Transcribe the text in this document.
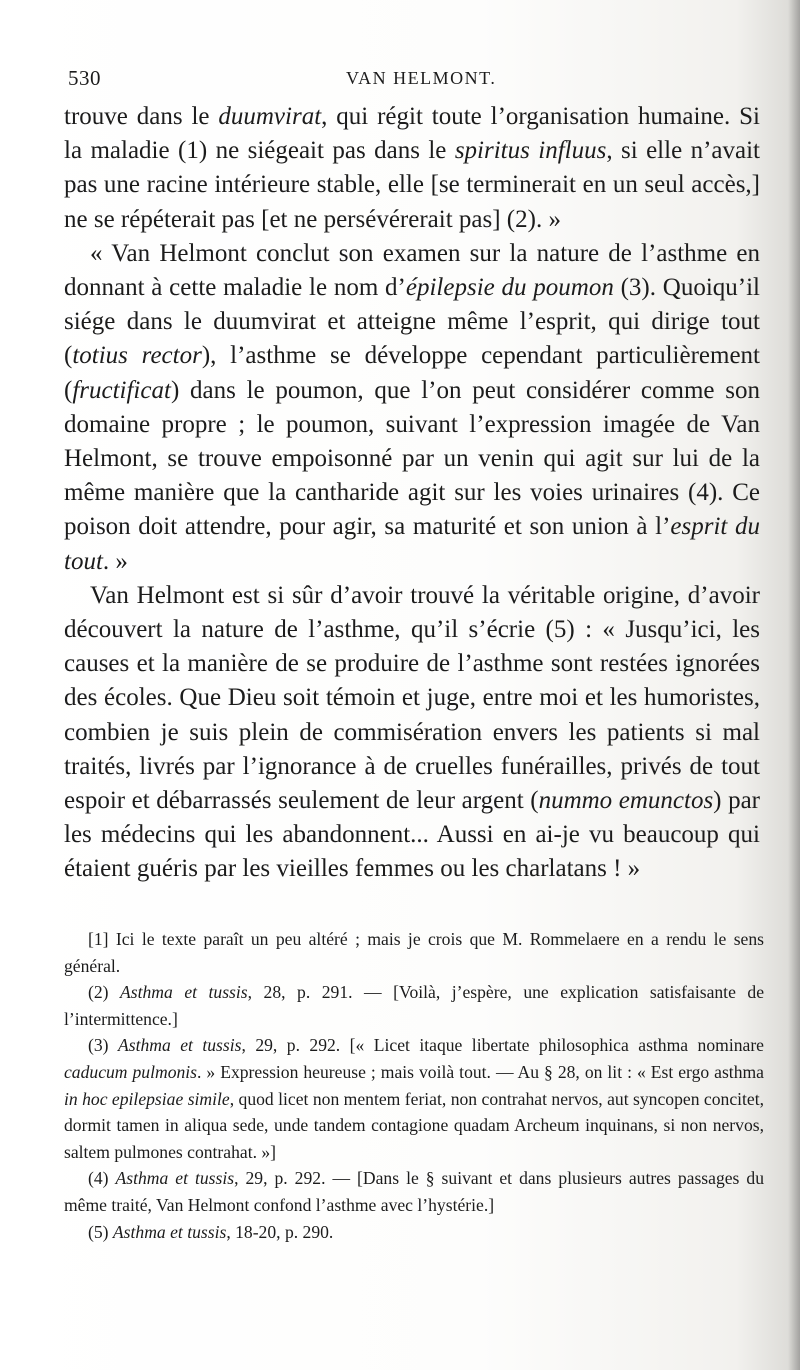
530	VAN HELMONT.

trouve dans le duumvirat, qui régit toute l’organisation humaine. Si la maladie (1) ne siégeait pas dans le spiritus influus, si elle n’avait pas une racine intérieure stable, elle [se terminerait en un seul accès,] ne se répéterait pas [et ne persévérerait pas] (2). »

« Van Helmont conclut son examen sur la nature de l’asthme en donnant à cette maladie le nom d’épilepsie du poumon (3). Quoiqu’il siége dans le duumvirat et atteigne même l’esprit, qui dirige tout (totius rector), l’asthme se développe cependant particulièrement (fructificat) dans le poumon, que l’on peut considérer comme son domaine propre ; le poumon, suivant l’expression imagée de Van Helmont, se trouve empoisonné par un venin qui agit sur lui de la même manière que la cantharide agit sur les voies urinaires (4). Ce poison doit attendre, pour agir, sa maturité et son union à l’esprit du tout. »

Van Helmont est si sûr d’avoir trouvé la véritable origine, d’avoir découvert la nature de l’asthme, qu’il s’écrie (5) : « Jusqu’ici, les causes et la manière de se produire de l’asthme sont restées ignorées des écoles. Que Dieu soit témoin et juge, entre moi et les humoristes, combien je suis plein de commisération envers les patients si mal traités, livrés par l’ignorance à de cruelles funérailles, privés de tout espoir et débarrassés seulement de leur argent (nummo emunctos) par les médecins qui les abandonnent... Aussi en ai-je vu beaucoup qui étaient guéris par les vieilles femmes ou les charlatans ! »

[1] Ici le texte paraît un peu altéré ; mais je crois que M. Rommelaere en a rendu le sens général.

(2) Asthma et tussis, 28, p. 291. — [Voilà, j’espère, une explication satisfaisante de l’intermittence.]

(3) Asthma et tussis, 29, p. 292. [« Licet itaque libertate philosophica asthma nominare caducum pulmonis. » Expression heureuse ; mais voilà tout. — Au § 28, on lit : « Est ergo asthma in hoc epilepsiae simile, quod licet non mentem feriat, non contrahat nervos, aut syncopen concitet, dormit tamen in aliqua sede, unde tandem contagione quadam Archeum inquinans, si non nervos, saltem pulmones contrahat. »]

(4) Asthma et tussis, 29, p. 292. — [Dans le § suivant et dans plusieurs autres passages du même traité, Van Helmont confond l’asthme avec l’hystérie.]

(5) Asthma et tussis, 18-20, p. 290.
